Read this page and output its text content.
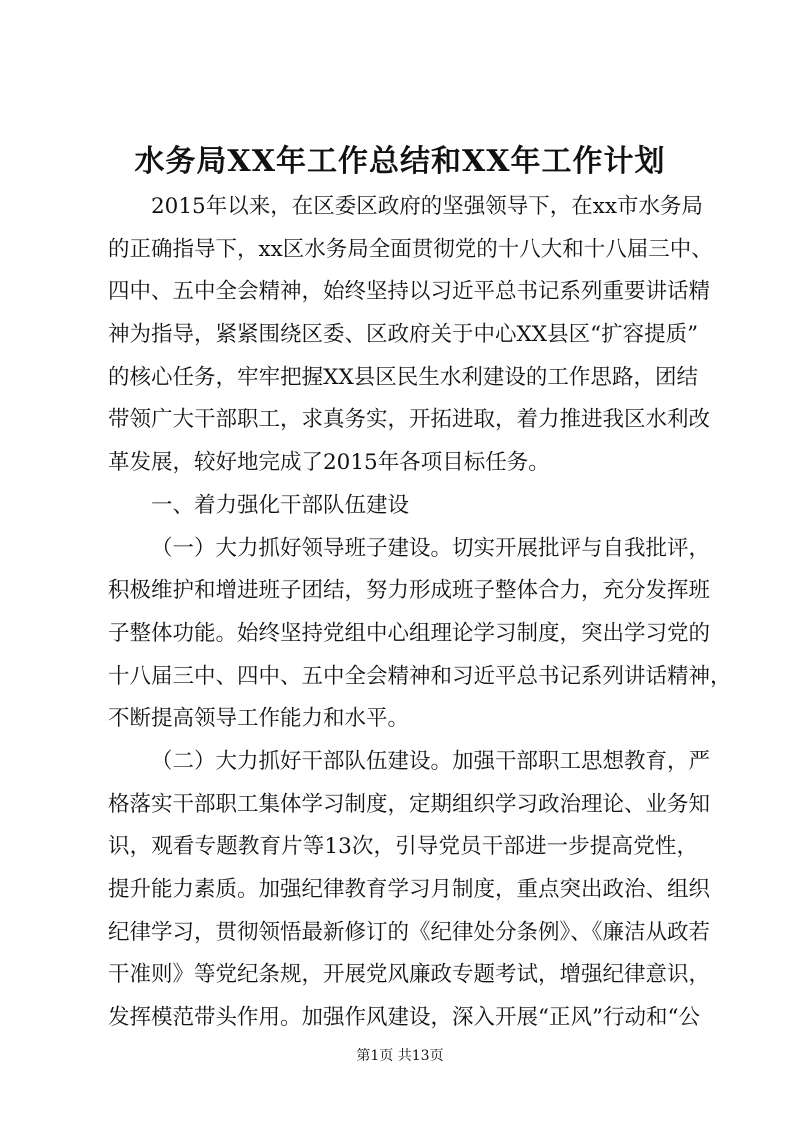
水务局XX年工作总结和XX年工作计划
2015年以来，在区委区政府的坚强领导下，在xx市水务局
的正确指导下，xx区水务局全面贯彻党的十八大和十八届三中、
四中、五中全会精神，始终坚持以习近平总书记系列重要讲话精
神为指导，紧紧围绕区委、区政府关于中心XX县区“扩容提质”
的核心任务，牢牢把握XX县区民生水利建设的工作思路，团结
带领广大干部职工，求真务实，开拓进取，着力推进我区水利改
革发展，较好地完成了2015年各项目标任务。
一、着力强化干部队伍建设
（一）大力抓好领导班子建设。切实开展批评与自我批评，
积极维护和增进班子团结，努力形成班子整体合力，充分发挥班
子整体功能。始终坚持党组中心组理论学习制度，突出学习党的
十八届三中、四中、五中全会精神和习近平总书记系列讲话精神，
不断提高领导工作能力和水平。
（二）大力抓好干部队伍建设。加强干部职工思想教育，严
格落实干部职工集体学习制度，定期组织学习政治理论、业务知
识，观看专题教育片等13次，引导党员干部进一步提高党性，
提升能力素质。加强纪律教育学习月制度，重点突出政治、组织
纪律学习，贯彻领悟最新修订的《纪律处分条例》、《廉洁从政若
干准则》等党纪条规，开展党风廉政专题考试，增强纪律意识，
发挥模范带头作用。加强作风建设，深入开展“正风”行动和“公
第1页 共13页
